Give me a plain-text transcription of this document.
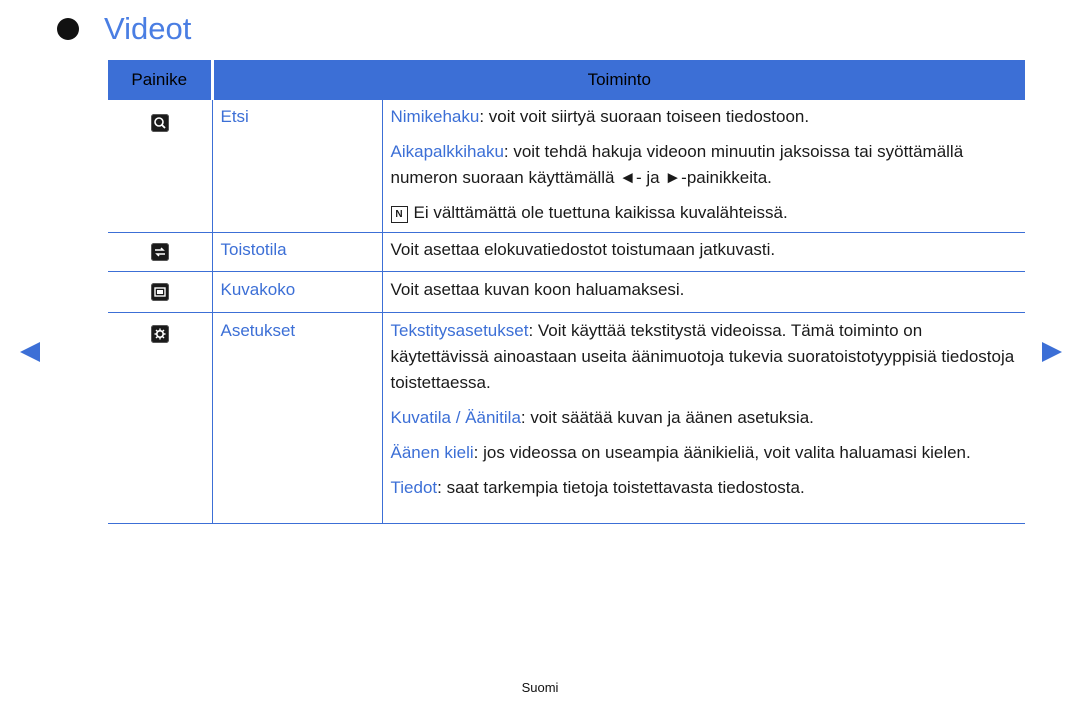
Videot
Painike	Toiminto	

	Etsi	Nimikehaku: voit voit siirtyä suoraan toiseen tiedostoon.
Aikapalkkihaku: voit tehdä hakuja videoon minuutin jaksoissa tai syöttämällä numeron suoraan käyttämällä ◄- ja ►-painikkeita.
N Ei välttämättä ole tuettuna kaikissa kuvalähteissä.

	Toistotila	Voit asettaa elokuvatiedostot toistumaan jatkuvasti.

	Kuvakoko	Voit asettaa kuvan koon haluamaksesi.

	Asetukset	Tekstitysasetukset: Voit käyttää tekstitystä videoissa. Tämä toiminto on käytettävissä ainoastaan useita äänimuotoja tukevia suoratoistotyyppisiä tiedostoja toistettaessa.
Kuvatila / Äänitila: voit säätää kuvan ja äänen asetuksia.
Äänen kieli: jos videossa on useampia äänikieliä, voit valita haluamasi kielen.
Tiedot: saat tarkempia tietoja toistettavasta tiedostosta.
Suomi
